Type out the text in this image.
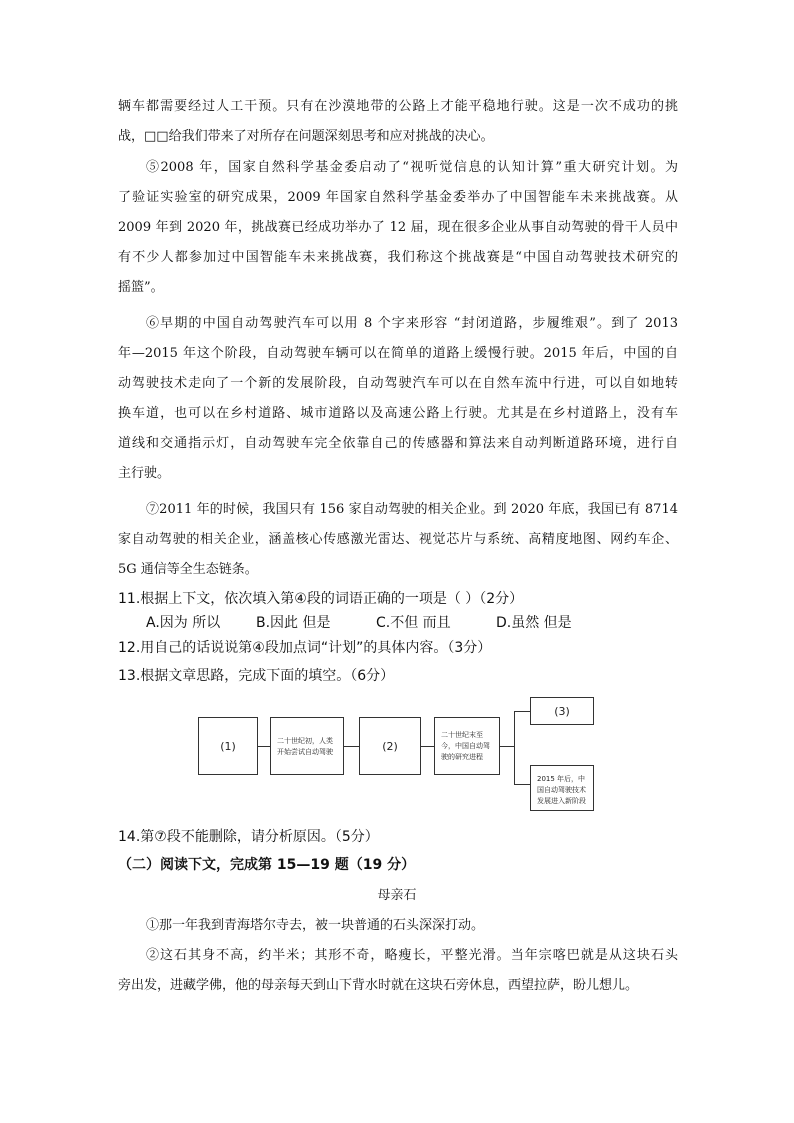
辆车都需要经过人工干预。只有在沙漠地带的公路上才能平稳地行驶。这是一次不成功的挑
战，□□给我们带来了对所存在问题深刻思考和应对挑战的决心。
⑤2008 年，国家自然科学基金委启动了“视听觉信息的认知计算”重大研究计划。为
了验证实验室的研究成果，2009 年国家自然科学基金委举办了中国智能车未来挑战赛。从
2009 年到 2020 年，挑战赛已经成功举办了 12 届，现在很多企业从事自动驾驶的骨干人员中
有不少人都参加过中国智能车未来挑战赛，我们称这个挑战赛是“中国自动驾驶技术研究的
摇篮”。
⑥早期的中国自动驾驶汽车可以用 8 个字来形容 “封闭道路，步履维艰”。到了 2013
年—2015 年这个阶段，自动驾驶车辆可以在简单的道路上缓慢行驶。2015 年后，中国的自
动驾驶技术走向了一个新的发展阶段，自动驾驶汽车可以在自然车流中行进，可以自如地转
换车道，也可以在乡村道路、城市道路以及高速公路上行驶。尤其是在乡村道路上，没有车
道线和交通指示灯，自动驾驶车完全依靠自己的传感器和算法来自动判断道路环境，进行自
主行驶。
⑦2011 年的时候，我国只有 156 家自动驾驶的相关企业。到 2020 年底，我国已有 8714
家自动驾驶的相关企业，涵盖核心传感激光雷达、视觉芯片与系统、高精度地图、网约车企、
5G 通信等全生态链条。
11.根据上下文，依次填入第④段的词语正确的一项是（ ）（2分）
A.因为 所以	B.因此 但是	C.不但 而且	D.虽然 但是
12.用自己的话说说第④段加点词“计划”的具体内容。（3分）
13.根据文章思路，完成下面的填空。（6分）
(1)	二十世纪初，人类开始尝试自动驾驶	(2)
二十世纪末至今，中国自动驾驶的研究进程
(3)
2015 年后，中国自动驾驶技术发展进入新阶段
14.第⑦段不能删除，请分析原因。（5分）
（二）阅读下文，完成第 15—19 题（19 分）
母亲石
①那一年我到青海塔尔寺去，被一块普通的石头深深打动。
②这石其身不高，约半米；其形不奇，略瘦长，平整光滑。当年宗喀巴就是从这块石头
旁出发，进藏学佛，他的母亲每天到山下背水时就在这块石旁休息，西望拉萨，盼儿想儿。
